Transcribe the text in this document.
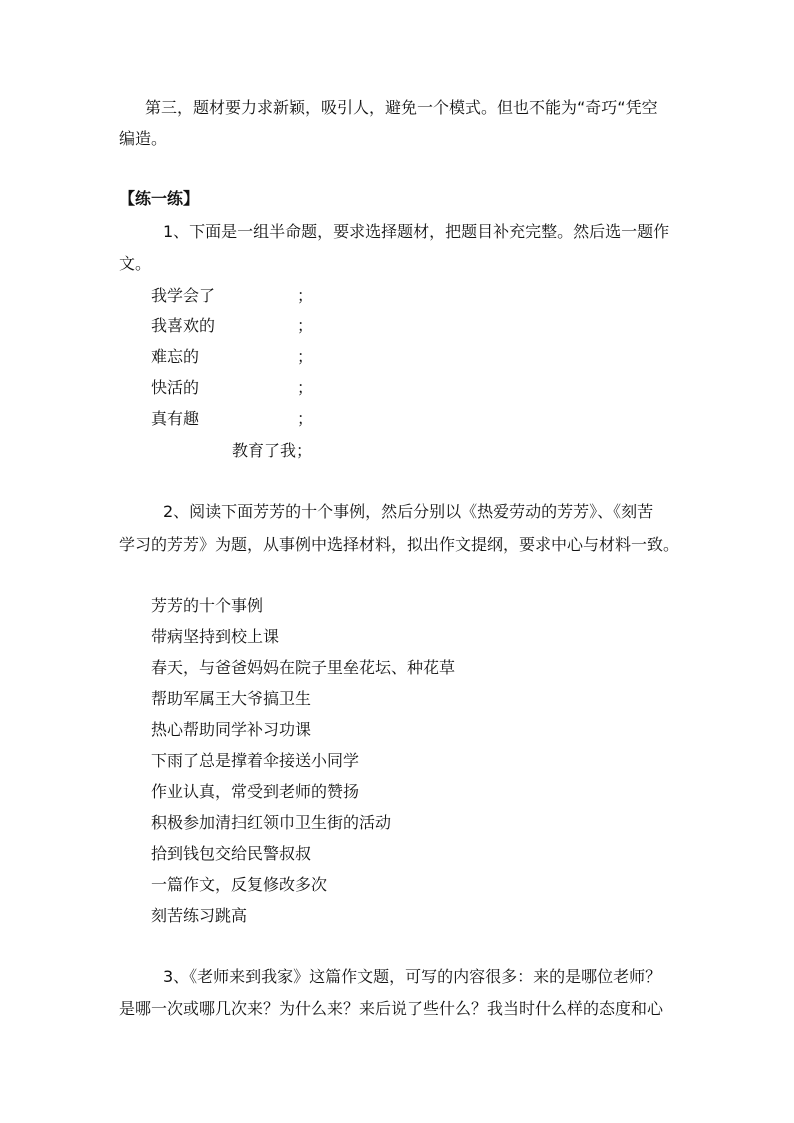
第三，题材要力求新颖，吸引人，避免一个模式。但也不能为“奇巧“凭空
编造。
【练一练】
1、下面是一组半命题，要求选择题材，把题目补充完整。然后选一题作
文。
我学会了	；
我喜欢的	；
难忘的	；
快活的	；
真有趣	；
教育了我；
2、阅读下面芳芳的十个事例，然后分别以《热爱劳动的芳芳》、《刻苦
学习的芳芳》为题，从事例中选择材料，拟出作文提纲，要求中心与材料一致。
芳芳的十个事例
带病坚持到校上课
春天，与爸爸妈妈在院子里垒花坛、种花草
帮助军属王大爷搞卫生
热心帮助同学补习功课
下雨了总是撑着伞接送小同学
作业认真，常受到老师的赞扬
积极参加清扫红领巾卫生街的活动
拾到钱包交给民警叔叔
一篇作文，反复修改多次
刻苦练习跳高
3、《老师来到我家》这篇作文题，可写的内容很多：来的是哪位老师？
是哪一次或哪几次来？为什么来？来后说了些什么？我当时什么样的态度和心
